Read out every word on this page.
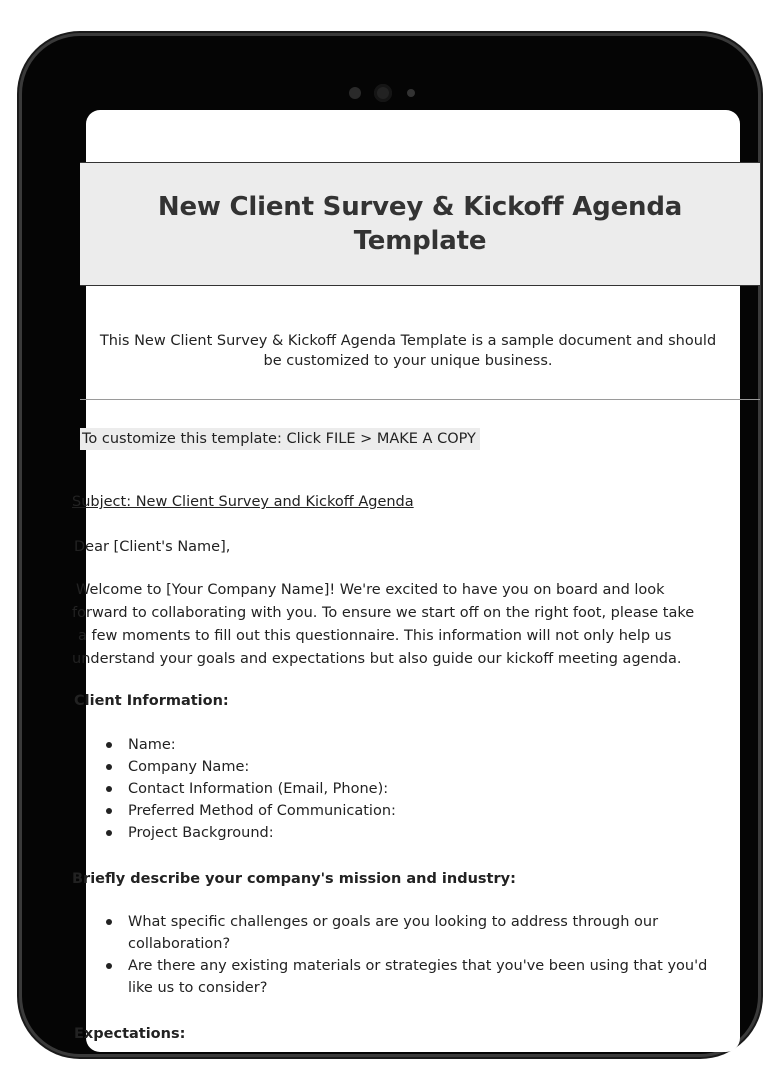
New Client Survey & Kickoff Agenda Template
This New Client Survey & Kickoff Agenda Template is a sample document and should
be customized to your unique business.
To customize this template: Click FILE > MAKE A COPY
Subject: New Client Survey and Kickoff Agenda
Dear [Client's Name],
Welcome to [Your Company Name]! We're excited to have you on board and look
forward to collaborating with you. To ensure we start off on the right foot, please take
a few moments to fill out this questionnaire. This information will not only help us
understand your goals and expectations but also guide our kickoff meeting agenda.
Client Information:
Name:
Company Name:
Contact Information (Email, Phone):
Preferred Method of Communication:
Project Background:
Briefly describe your company's mission and industry:
What specific challenges or goals are you looking to address through our
collaboration?
Are there any existing materials or strategies that you've been using that you'd
like us to consider?
Expectations:
